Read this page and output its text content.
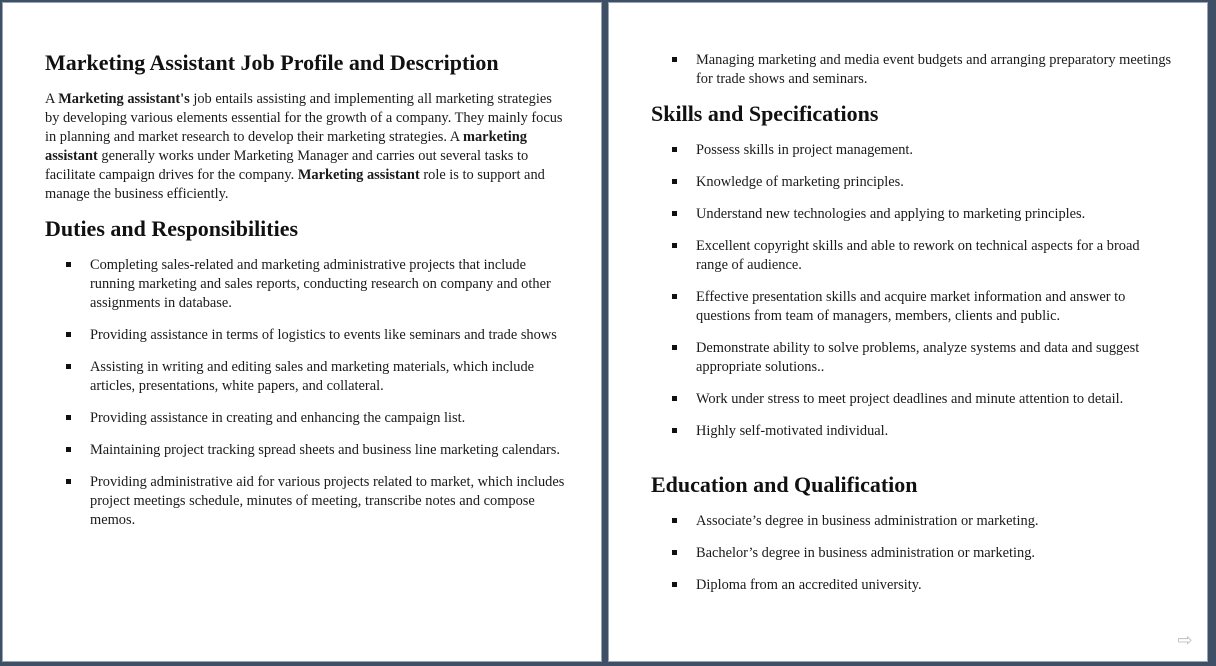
Marketing Assistant Job Profile and Description

A Marketing assistant's job entails assisting and implementing all marketing strategies by developing various elements essential for the growth of a company. They mainly focus in planning and market research to develop their marketing strategies. A marketing assistant generally works under Marketing Manager and carries out several tasks to facilitate campaign drives for the company. Marketing assistant role is to support and manage the business efficiently.

Duties and Responsibilities
Completing sales-related and marketing administrative projects that include running marketing and sales reports, conducting research on company and other assignments in database.
Providing assistance in terms of logistics to events like seminars and trade shows
Assisting in writing and editing sales and marketing materials, which include articles, presentations, white papers, and collateral.
Providing assistance in creating and enhancing the campaign list.
Maintaining project tracking spread sheets and business line marketing calendars.
Providing administrative aid for various projects related to market, which includes project meetings schedule, minutes of meeting, transcribe notes and compose memos.
Managing marketing and media event budgets and arranging preparatory meetings for trade shows and seminars.
Skills and Specifications
Possess skills in project management.
Knowledge of marketing principles.
Understand new technologies and applying to marketing principles.
Excellent copyright skills and able to rework on technical aspects for a broad range of audience.
Effective presentation skills and acquire market information and answer to questions from team of managers, members, clients and public.
Demonstrate ability to solve problems, analyze systems and data and suggest appropriate solutions..
Work under stress to meet project deadlines and minute attention to detail.
Highly self-motivated individual.
Education and Qualification
Associate’s degree in business administration or marketing.
Bachelor’s degree in business administration or marketing.
Diploma from an accredited university.
⇨
